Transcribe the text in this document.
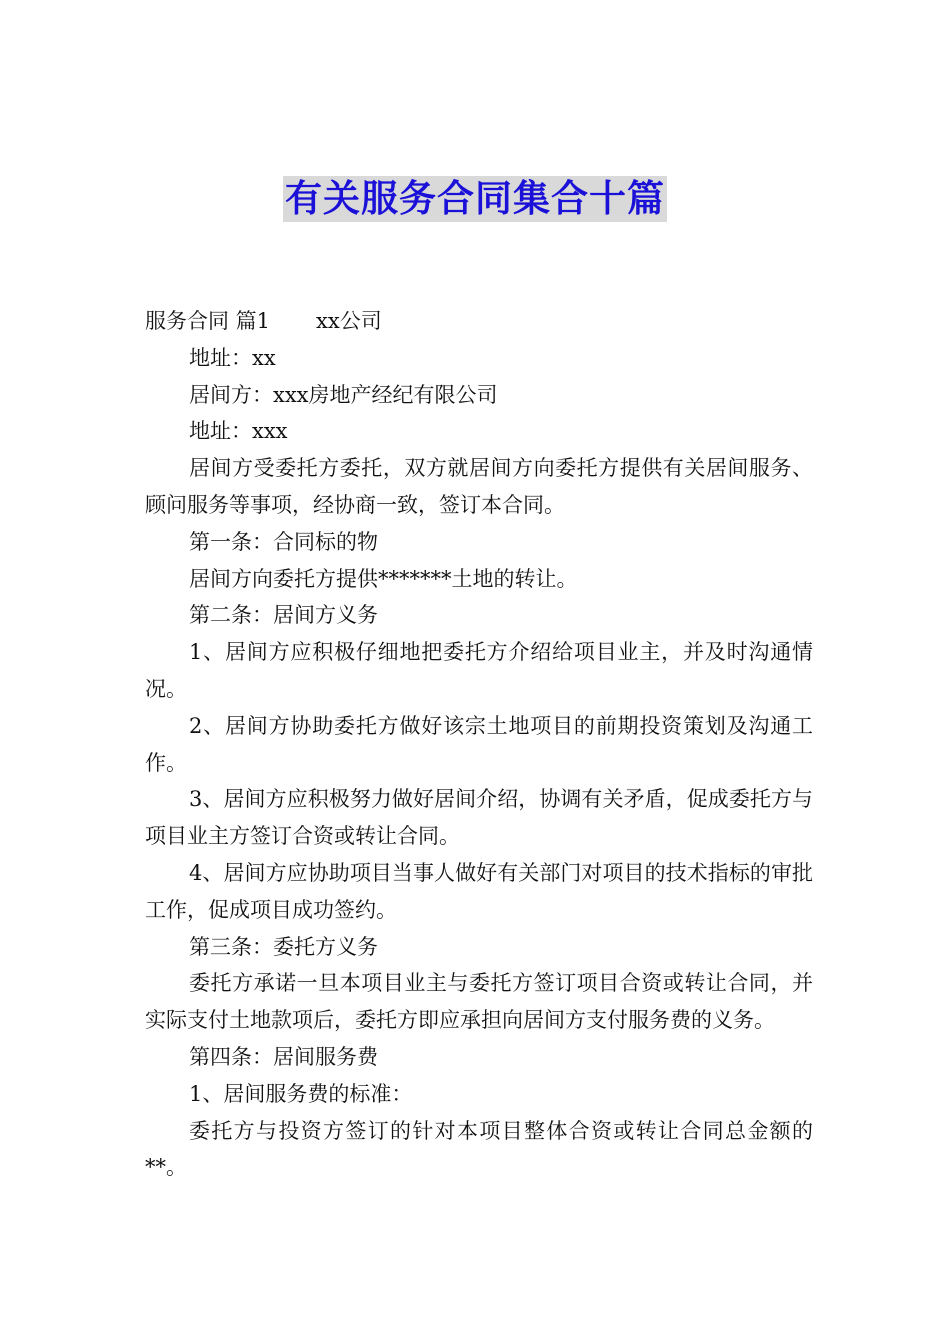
有关服务合同集合十篇

服务合同 篇1 xx公司

地址：xx

居间方：xxx房地产经纪有限公司

地址：xxx

居间方受委托方委托，双方就居间方向委托方提供有关居间服务、顾问服务等事项，经协商一致，签订本合同。

第一条：合同标的物

居间方向委托方提供*******土地的转让。

第二条：居间方义务

1、居间方应积极仔细地把委托方介绍给项目业主，并及时沟通情况。

2、居间方协助委托方做好该宗土地项目的前期投资策划及沟通工作。

3、居间方应积极努力做好居间介绍，协调有关矛盾，促成委托方与项目业主方签订合资或转让合同。

4、居间方应协助项目当事人做好有关部门对项目的技术指标的审批工作，促成项目成功签约。

第三条：委托方义务

委托方承诺一旦本项目业主与委托方签订项目合资或转让合同，并实际支付土地款项后，委托方即应承担向居间方支付服务费的义务。

第四条：居间服务费

1、居间服务费的标准：

委托方与投资方签订的针对本项目整体合资或转让合同总金额的**。
